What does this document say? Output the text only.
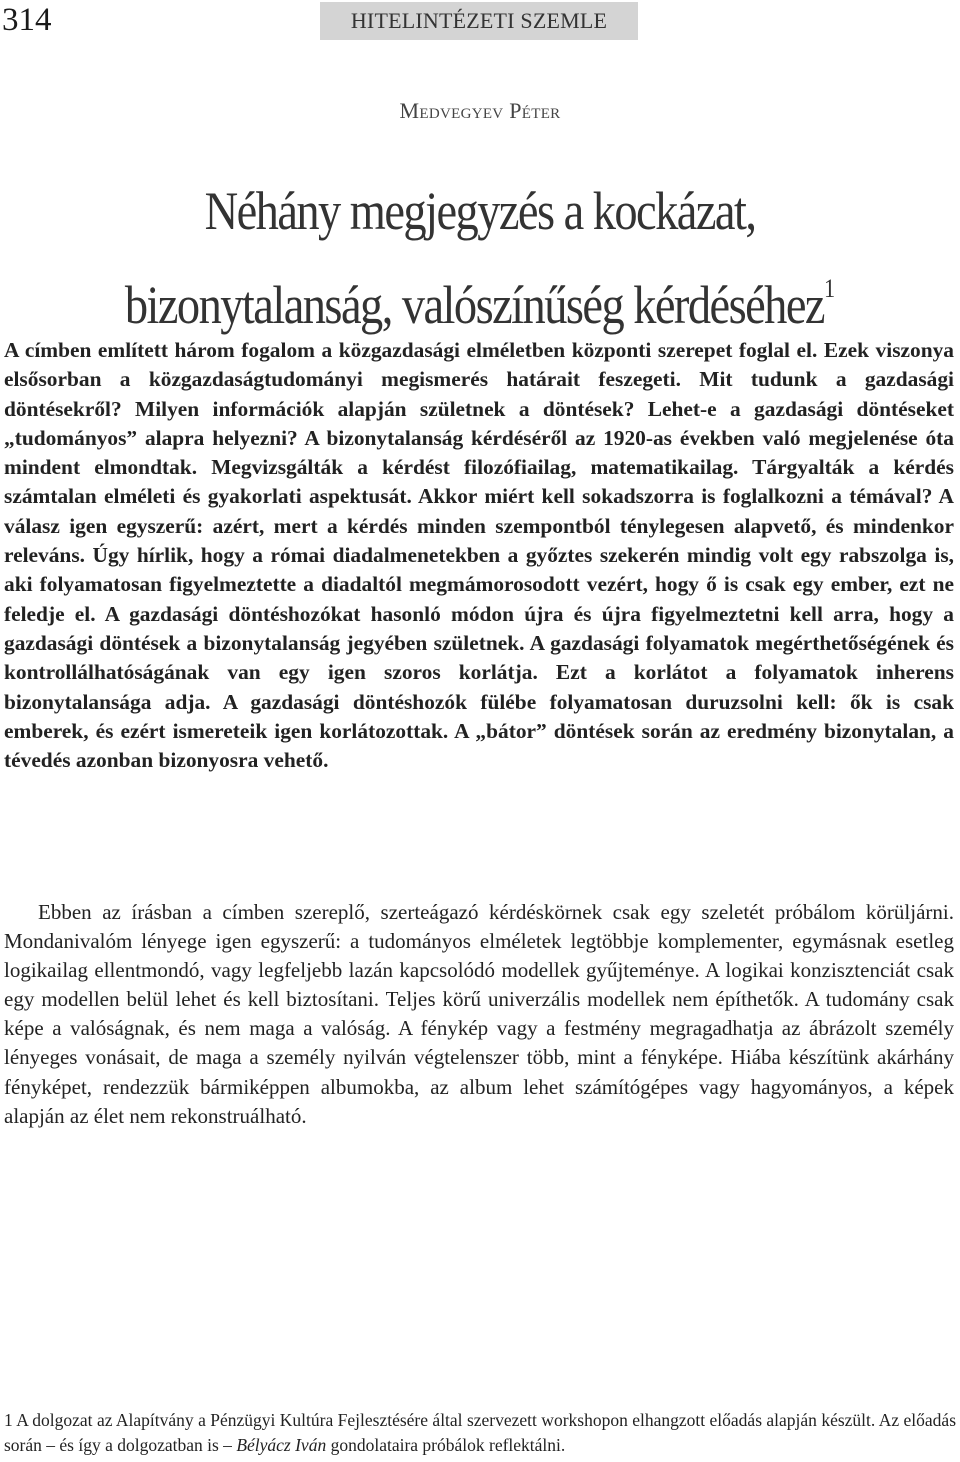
314	HITELINTÉZETI SZEMLE
Medvegyev Péter
Néhány megjegyzés a kockázat,
bizonytalanság, valószínűség kérdéséhez$^1$

A címben említett három fogalom a közgazdasági elméletben központi szerepet foglal el. Ezek viszonya elsősorban a közgazdaságtudományi megismerés határait feszegeti. Mit tudunk a gazdasági döntésekről? Milyen információk alapján születnek a döntések? Lehet-e a gazdasági döntéseket „tudományos” alapra helyezni? A bizonytalanság kérdéséről az 1920-as években való megjelenése óta mindent elmondtak. Megvizsgálták a kérdést filozófiailag, matematikailag. Tárgyalták a kérdés számtalan elméleti és gyakorlati aspektusát. Akkor miért kell sokadszorra is foglalkozni a témával? A válasz igen egyszerű: azért, mert a kérdés minden szempontból ténylegesen alapvető, és mindenkor releváns. Úgy hírlik, hogy a római diadalmenetekben a győztes szekerén mindig volt egy rabszolga is, aki folyamatosan figyelmeztette a diadaltól megmámorosodott vezért, hogy ő is csak egy ember, ezt ne feledje el. A gazdasági döntéshozókat hasonló módon újra és újra figyelmeztetni kell arra, hogy a gazdasági döntések a bizonytalanság jegyében születnek. A gazdasági folyamatok megérthetőségének és kontrollálhatóságának van egy igen szoros korlátja. Ezt a korlátot a folyamatok inherens bizonytalansága adja. A gazdasági döntéshozók fülébe folyamatosan duruzsolni kell: ők is csak emberek, és ezért ismereteik igen korlátozottak. A „bátor” döntések során az eredmény bizonytalan, a tévedés azonban bizonyosra vehető.

Ebben az írásban a címben szereplő, szerteágazó kérdéskörnek csak egy szeletét próbálom körüljárni. Mondanivalóm lényege igen egyszerű: a tudományos elméletek legtöbbje komplementer, egymásnak esetleg logikailag ellentmondó, vagy legfeljebb lazán kapcsolódó modellek gyűjteménye. A logikai konzisztenciát csak egy modellen belül lehet és kell biztosítani. Teljes körű univerzális modellek nem építhetők. A tudomány csak képe a valóságnak, és nem maga a valóság. A fénykép vagy a festmény megragadhatja az ábrázolt személy lényeges vonásait, de maga a személy nyilván végtelenszer több, mint a fényképe. Hiába készítünk akárhány fényképet, rendezzük bármiképpen albumokba, az album lehet számítógépes vagy hagyományos, a képek alapján az élet nem rekonstruálható.

1 A dolgozat az Alapítvány a Pénzügyi Kultúra Fejlesztésére által szervezett workshopon elhangzott előadás alapján készült. Az előadás során – és így a dolgozatban is – Bélyácz Iván gondolataira próbálok reflektálni.
